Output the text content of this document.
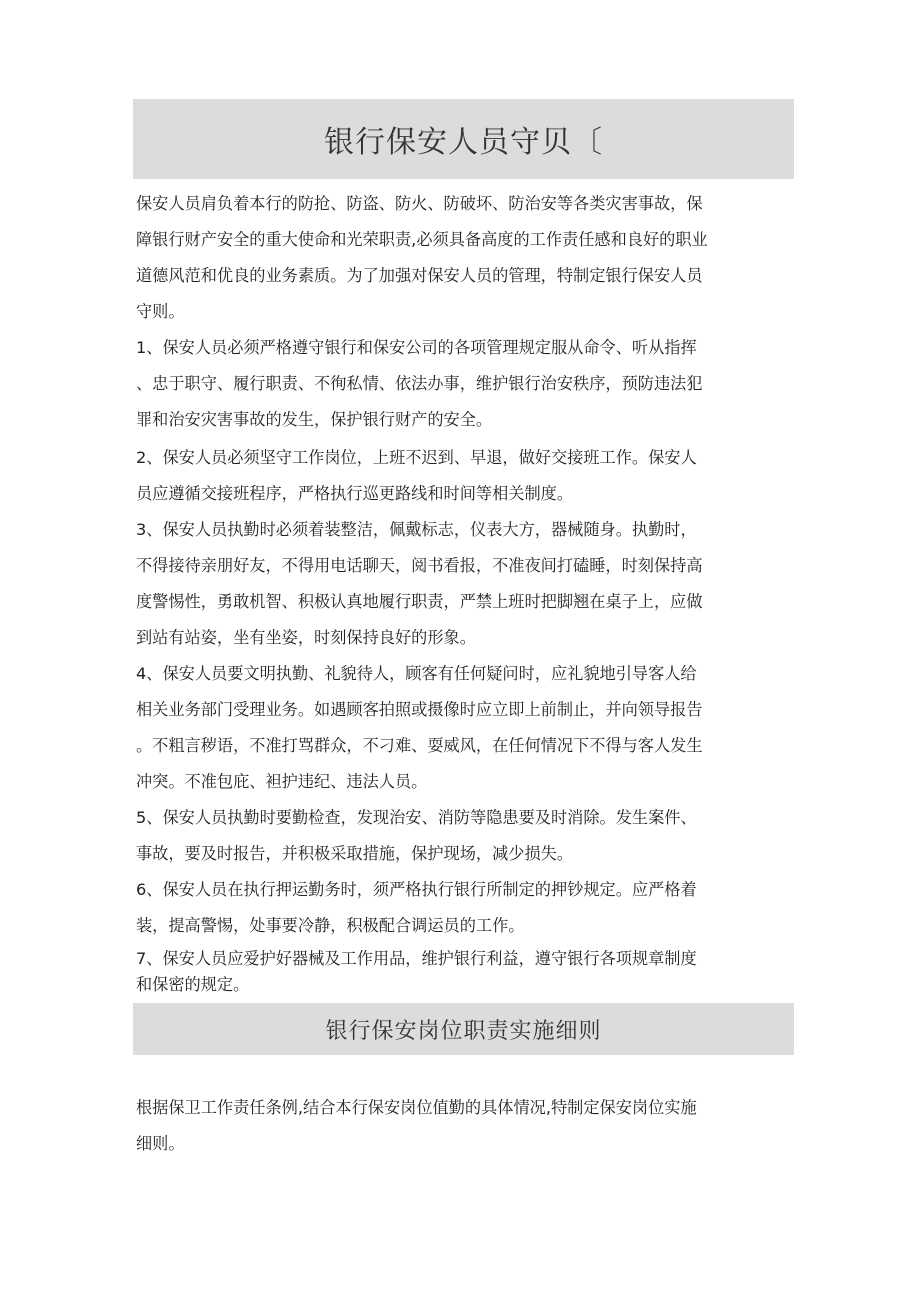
银行保安人员守贝〔
保安人员肩负着本行的防抢、防盗、防火、防破坏、防治安等各类灾害事故，保
障银行财产安全的重大使命和光荣职责,必须具备高度的工作责任感和良好的职业
道德风范和优良的业务素质。为了加强对保安人员的管理，特制定银行保安人员
守则。
1、保安人员必须严格遵守银行和保安公司的各项管理规定服从命令、听从指挥
、忠于职守、履行职责、不徇私情、依法办事，维护银行治安秩序，预防违法犯
罪和治安灾害事故的发生，保护银行财产的安全。
2、保安人员必须坚守工作岗位，上班不迟到、早退，做好交接班工作。保安人
员应遵循交接班程序，严格执行巡更路线和时间等相关制度。
3、保安人员执勤时必须着装整洁，佩戴标志，仪表大方，器械随身。执勤时，
不得接待亲朋好友，不得用电话聊天，阅书看报，不准夜间打磕睡，时刻保持高
度警惕性，勇敢机智、积极认真地履行职责，严禁上班时把脚翘在桌子上，应做
到站有站姿，坐有坐姿，时刻保持良好的形象。
4、保安人员要文明执勤、礼貌待人，顾客有任何疑问时，应礼貌地引导客人给
相关业务部门受理业务。如遇顾客拍照或摄像时应立即上前制止，并向领导报告
。不粗言秽语，不准打骂群众，不刁难、耍威风，在任何情况下不得与客人发生
冲突。不准包庇、袒护违纪、违法人员。
5、保安人员执勤时要勤检查，发现治安、消防等隐患要及时消除。发生案件、
事故，要及时报告，并积极采取措施，保护现场，减少损失。
6、保安人员在执行押运勤务时，须严格执行银行所制定的押钞规定。应严格着
装，提高警惕，处事要冷静，积极配合调运员的工作。
7、保安人员应爱护好器械及工作用品，维护银行利益，遵守银行各项规章制度
和保密的规定。
银行保安岗位职责实施细则
根据保卫工作责任条例,结合本行保安岗位值勤的具体情况,特制定保安岗位实施
细则。
